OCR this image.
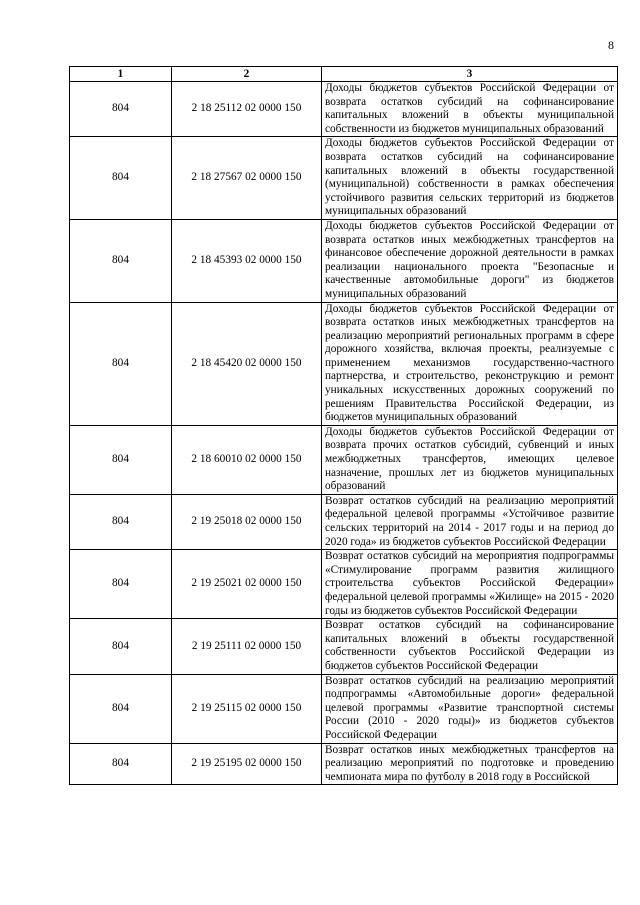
8
1	2	3
804	2 18 25112 02 0000 150	Доходы бюджетов субъектов Российской Федерации от возврата остатков субсидий на софинансирование капитальных вложений в объекты муниципальной собственности из бюджетов муниципальных образований
804	2 18 27567 02 0000 150	Доходы бюджетов субъектов Российской Федерации от возврата остатков субсидий на софинансирование капитальных вложений в объекты государственной (муниципальной) собственности в рамках обеспечения устойчивого развития сельских территорий из бюджетов муниципальных образований
804	2 18 45393 02 0000 150	Доходы бюджетов субъектов Российской Федерации от возврата остатков иных межбюджетных трансфертов на финансовое обеспечение дорожной деятельности в рамках реализации национального проекта "Безопасные и качественные автомобильные дороги" из бюджетов муниципальных образований
804	2 18 45420 02 0000 150	Доходы бюджетов субъектов Российской Федерации от возврата остатков иных межбюджетных трансфертов на реализацию мероприятий региональных программ в сфере дорожного хозяйства, включая проекты, реализуемые с применением механизмов государственно-частного партнерства, и строительство, реконструкцию и ремонт уникальных искусственных дорожных сооружений по решениям Правительства Российской Федерации, из бюджетов муниципальных образований
804	2 18 60010 02 0000 150	Доходы бюджетов субъектов Российской Федерации от возврата прочих остатков субсидий, субвенций и иных межбюджетных трансфертов, имеющих целевое назначение, прошлых лет из бюджетов муниципальных образований
804	2 19 25018 02 0000 150	Возврат остатков субсидий на реализацию мероприятий федеральной целевой программы «Устойчивое развитие сельских территорий на 2014 - 2017 годы и на период до 2020 года» из бюджетов субъектов Российской Федерации
804	2 19 25021 02 0000 150	Возврат остатков субсидий на мероприятия подпрограммы «Стимулирование программ развития жилищного строительства субъектов Российской Федерации» федеральной целевой программы «Жилище» на 2015 - 2020 годы из бюджетов субъектов Российской Федерации
804	2 19 25111 02 0000 150	Возврат остатков субсидий на софинансирование капитальных вложений в объекты государственной собственности субъектов Российской Федерации из бюджетов субъектов Российской Федерации
804	2 19 25115 02 0000 150	Возврат остатков субсидий на реализацию мероприятий подпрограммы «Автомобильные дороги» федеральной целевой программы «Развитие транспортной системы России (2010 - 2020 годы)» из бюджетов субъектов Российской Федерации
804	2 19 25195 02 0000 150	Возврат остатков иных межбюджетных трансфертов на реализацию мероприятий по подготовке и проведению чемпионата мира по футболу в 2018 году в Российской
